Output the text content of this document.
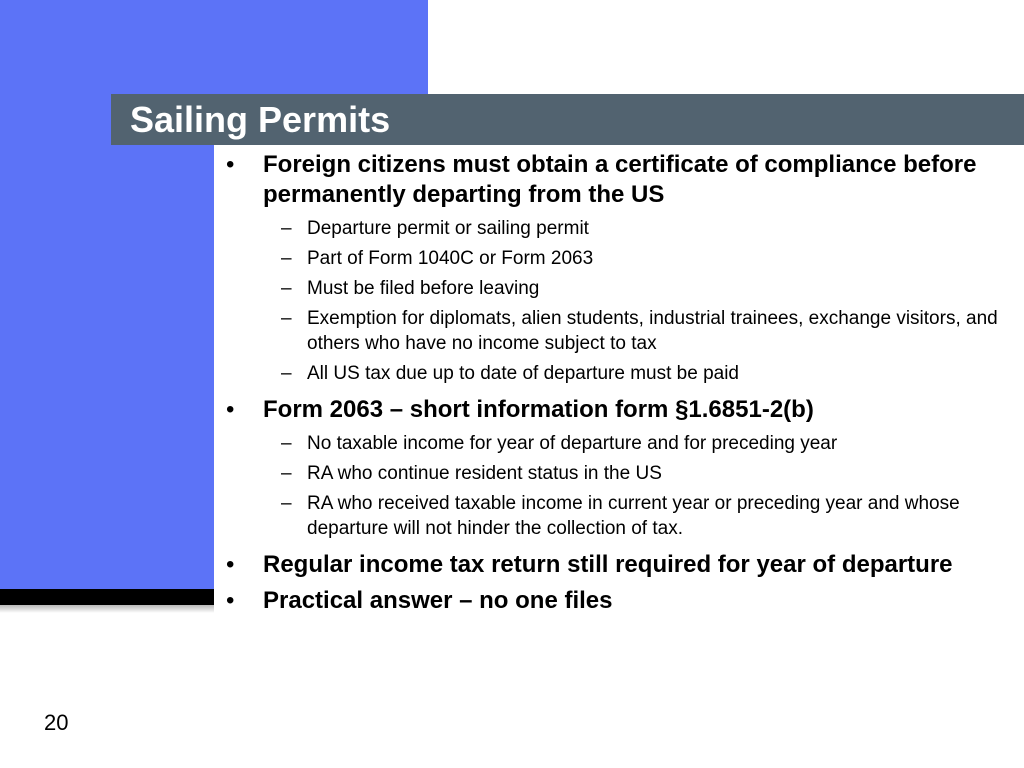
Sailing Permits
• Foreign citizens must obtain a certificate of compliance before permanently departing from the US
– Departure permit or sailing permit
– Part of Form 1040C or Form 2063
– Must be filed before leaving
– Exemption for diplomats, alien students, industrial trainees, exchange visitors, and others who have no income subject to tax
– All US tax due up to date of departure must be paid
• Form 2063 – short information form §1.6851-2(b)
– No taxable income for year of departure and for preceding year
– RA who continue resident status in the US
– RA who received taxable income in current year or preceding year and whose departure will not hinder the collection of tax.
• Regular income tax return still required for year of departure
• Practical answer – no one files
20
